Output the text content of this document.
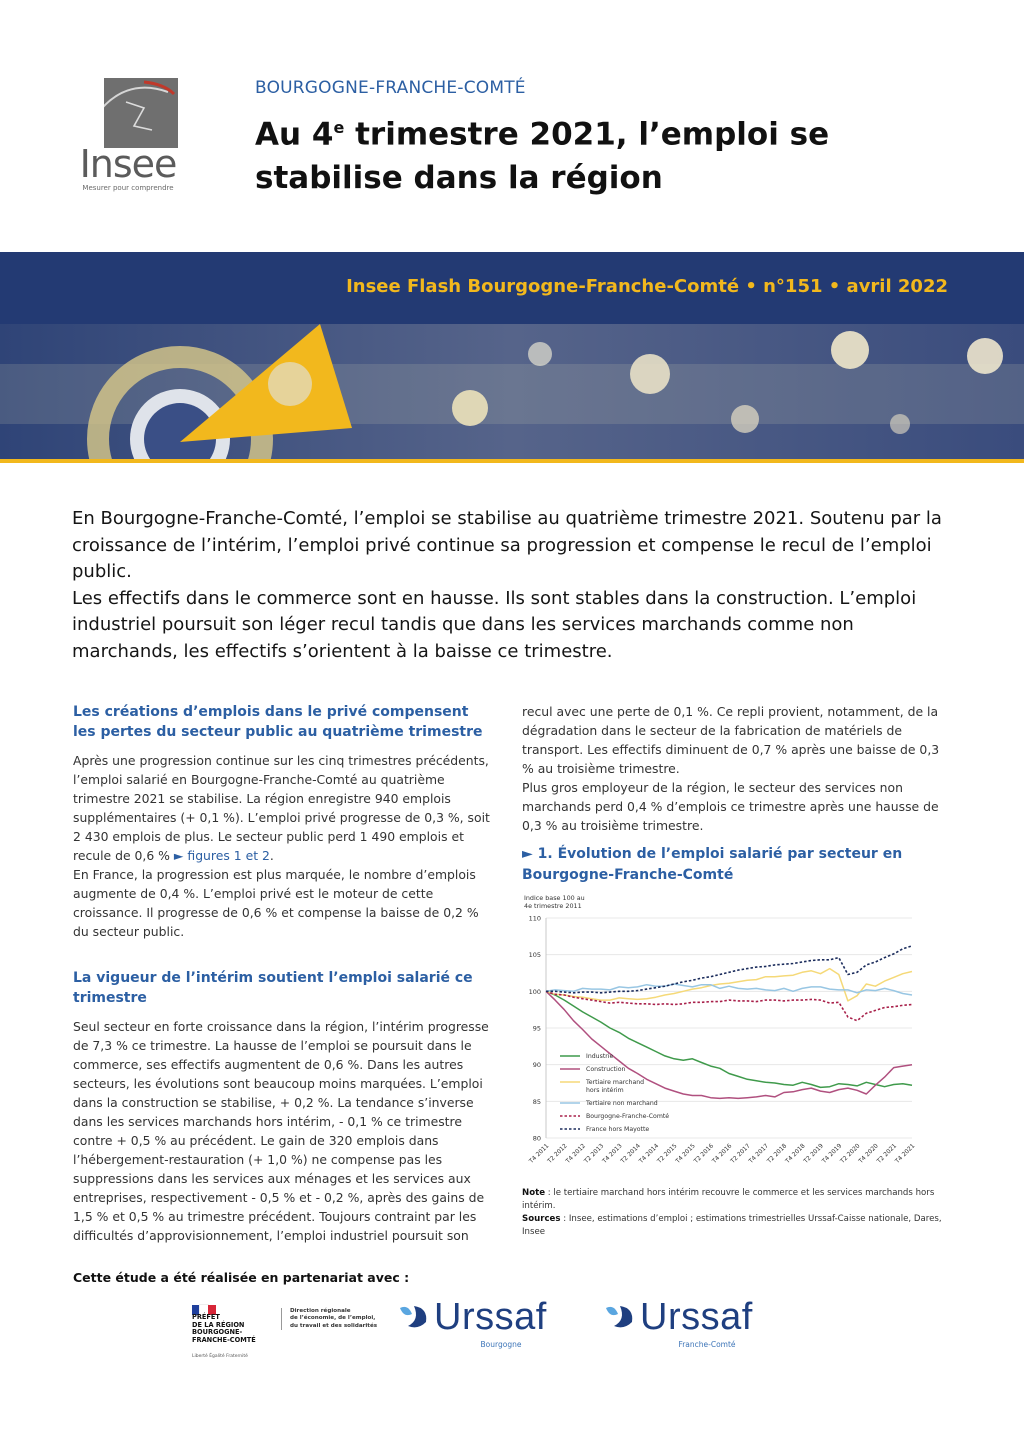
Insee
Mesurer pour comprendre
BOURGOGNE-FRANCHE-COMTÉ
Au 4e trimestre 2021, l’emploi se stabilise dans la région
Insee Flash Bourgogne-Franche-Comté • n°151 • avril 2022

En Bourgogne-Franche-Comté, l’emploi se stabilise au quatrième trimestre 2021. Soutenu par la croissance de l’intérim, l’emploi privé continue sa progression et compense le recul de l’emploi public.

Les effectifs dans le commerce sont en hausse. Ils sont stables dans la construction. L’emploi industriel poursuit son léger recul tandis que dans les services marchands comme non marchands, les effectifs s’orientent à la baisse ce trimestre.

Les créations d’emplois dans le privé compensent les pertes du secteur public au quatrième trimestre

Après une progression continue sur les cinq trimestres précédents, l’emploi salarié en Bourgogne-Franche-Comté au quatrième trimestre 2021 se stabilise. La région enregistre 940 emplois supplémentaires (+ 0,1 %). L’emploi privé progresse de 0,3 %, soit 2 430 emplois de plus. Le secteur public perd 1 490 emplois et recule de 0,6 % ► figures 1 et 2.

En France, la progression est plus marquée, le nombre d’emplois augmente de 0,4 %. L’emploi privé est le moteur de cette croissance. Il progresse de 0,6 % et compense la baisse de 0,2 % du secteur public.

La vigueur de l’intérim soutient l’emploi salarié ce trimestre

Seul secteur en forte croissance dans la région, l’intérim progresse de 7,3 % ce trimestre. La hausse de l’emploi se poursuit dans le commerce, ses effectifs augmentent de 0,6 %. Dans les autres secteurs, les évolutions sont beaucoup moins marquées. L’emploi dans la construction se stabilise, + 0,2 %. La tendance s’inverse dans les services marchands hors intérim, - 0,1 % ce trimestre contre + 0,5 % au précédent. Le gain de 320 emplois dans l’hébergement-restauration (+ 1,0 %) ne compense pas les suppressions dans les services aux ménages et les services aux entreprises, respectivement - 0,5 % et - 0,2 %, après des gains de 1,5 % et 0,5 % au trimestre précédent. Toujours contraint par les difficultés d’approvisionnement, l’emploi industriel poursuit son

recul avec une perte de 0,1 %. Ce repli provient, notamment, de la dégradation dans le secteur de la fabrication de matériels de transport. Les effectifs diminuent de 0,7 % après une baisse de 0,3 % au troisième trimestre.

Plus gros employeur de la région, le secteur des services non marchands perd 0,4 % d’emplois ce trimestre après une hausse de 0,3 % au troisième trimestre.

► 1. Évolution de l’emploi salarié par secteur en Bourgogne-Franche-Comté
Indice base 100 au 4e trimestre 2011
80
85
90
95
100
105
110
T4 2011
T2 2012
T4 2012
T2 2013
T4 2013
T2 2014
T4 2014
T2 2015
T4 2015
T2 2016
T4 2016
T2 2017
T4 2017
T2 2018
T4 2018
T2 2019
T4 2019
T2 2020
T4 2020
T2 2021
T4 2021
Industrie
Construction
Tertiaire marchand hors intérim
Tertiaire non marchand
Bourgogne-Franche-Comté
France hors Mayotte
Note : le tertiaire marchand hors intérim recouvre le commerce et les services marchands hors intérim.
Sources : Insee, estimations d’emploi ; estimations trimestrielles Urssaf-Caisse nationale, Dares, Insee
Cette étude a été réalisée en partenariat avec :
PRÉFET
DE LA RÉGION
BOURGOGNE-
FRANCHE-COMTÉ
Liberté Égalité Fraternité
Direction régionale
de l’économie, de l’emploi,
du travail et des solidarités	Urssaf
Bourgogne
Urssaf
Franche-Comté
